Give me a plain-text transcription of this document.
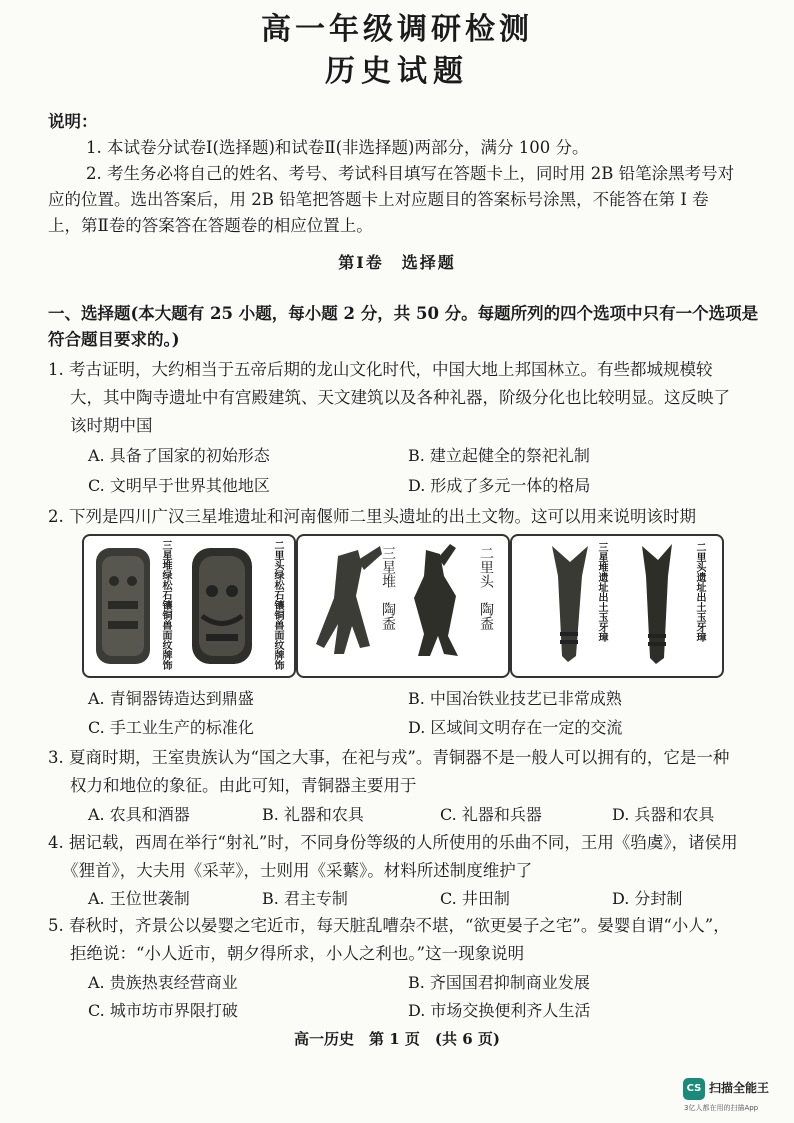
高一年级调研检测
历史试题
说明：
1. 本试卷分试卷Ⅰ(选择题)和试卷Ⅱ(非选择题)两部分，满分 100 分。
2. 考生务必将自己的姓名、考号、考试科目填写在答题卡上，同时用 2B 铅笔涂黑考号对
应的位置。选出答案后，用 2B 铅笔把答题卡上对应题目的答案标号涂黑，不能答在第 Ⅰ 卷
上，第Ⅱ卷的答案答在答题卷的相应位置上。
第Ⅰ卷　选择题
一、选择题(本大题有 25 小题，每小题 2 分，共 50 分。每题所列的四个选项中只有一个选项是
符合题目要求的。)
1. 考古证明，大约相当于五帝后期的龙山文化时代，中国大地上邦国林立。有些都城规模较
大，其中陶寺遗址中有宫殿建筑、天文建筑以及各种礼器，阶级分化也比较明显。这反映了
该时期中国
A. 具备了国家的初始形态	B. 建立起健全的祭祀礼制
C. 文明早于世界其他地区	D. 形成了多元一体的格局
2. 下列是四川广汉三星堆遗址和河南偃师二里头遗址的出土文物。这可以用来说明该时期
三星堆绿松石镶铜兽面纹牌饰	二里头绿松石镶铜兽面纹牌饰	三星堆
陶盉
二里头
陶盉	三星堆遗址出土玉牙璋	二里头遗址出土玉牙璋
A. 青铜器铸造达到鼎盛	B. 中国冶铁业技艺已非常成熟
C. 手工业生产的标准化	D. 区域间文明存在一定的交流
3. 夏商时期，王室贵族认为“国之大事，在祀与戎”。青铜器不是一般人可以拥有的，它是一种
权力和地位的象征。由此可知，青铜器主要用于
A. 农具和酒器	B. 礼器和农具	C. 礼器和兵器	D. 兵器和农具
4. 据记载，西周在举行“射礼”时，不同身份等级的人所使用的乐曲不同，王用《驺虞》，诸侯用
《狸首》，大夫用《采苹》，士则用《采蘩》。材料所述制度维护了
A. 王位世袭制	B. 君主专制	C. 井田制	D. 分封制
5. 春秋时，齐景公以晏婴之宅近市，每天脏乱嘈杂不堪，“欲更晏子之宅”。晏婴自谓“小人”，
拒绝说：“小人近市，朝夕得所求，小人之利也。”这一现象说明
A. 贵族热衷经营商业	B. 齐国国君抑制商业发展
C. 城市坊市界限打破	D. 市场交换便利齐人生活
高一历史　第 1 页　(共 6 页)
CS 扫描全能王
3亿人都在用的扫描App
